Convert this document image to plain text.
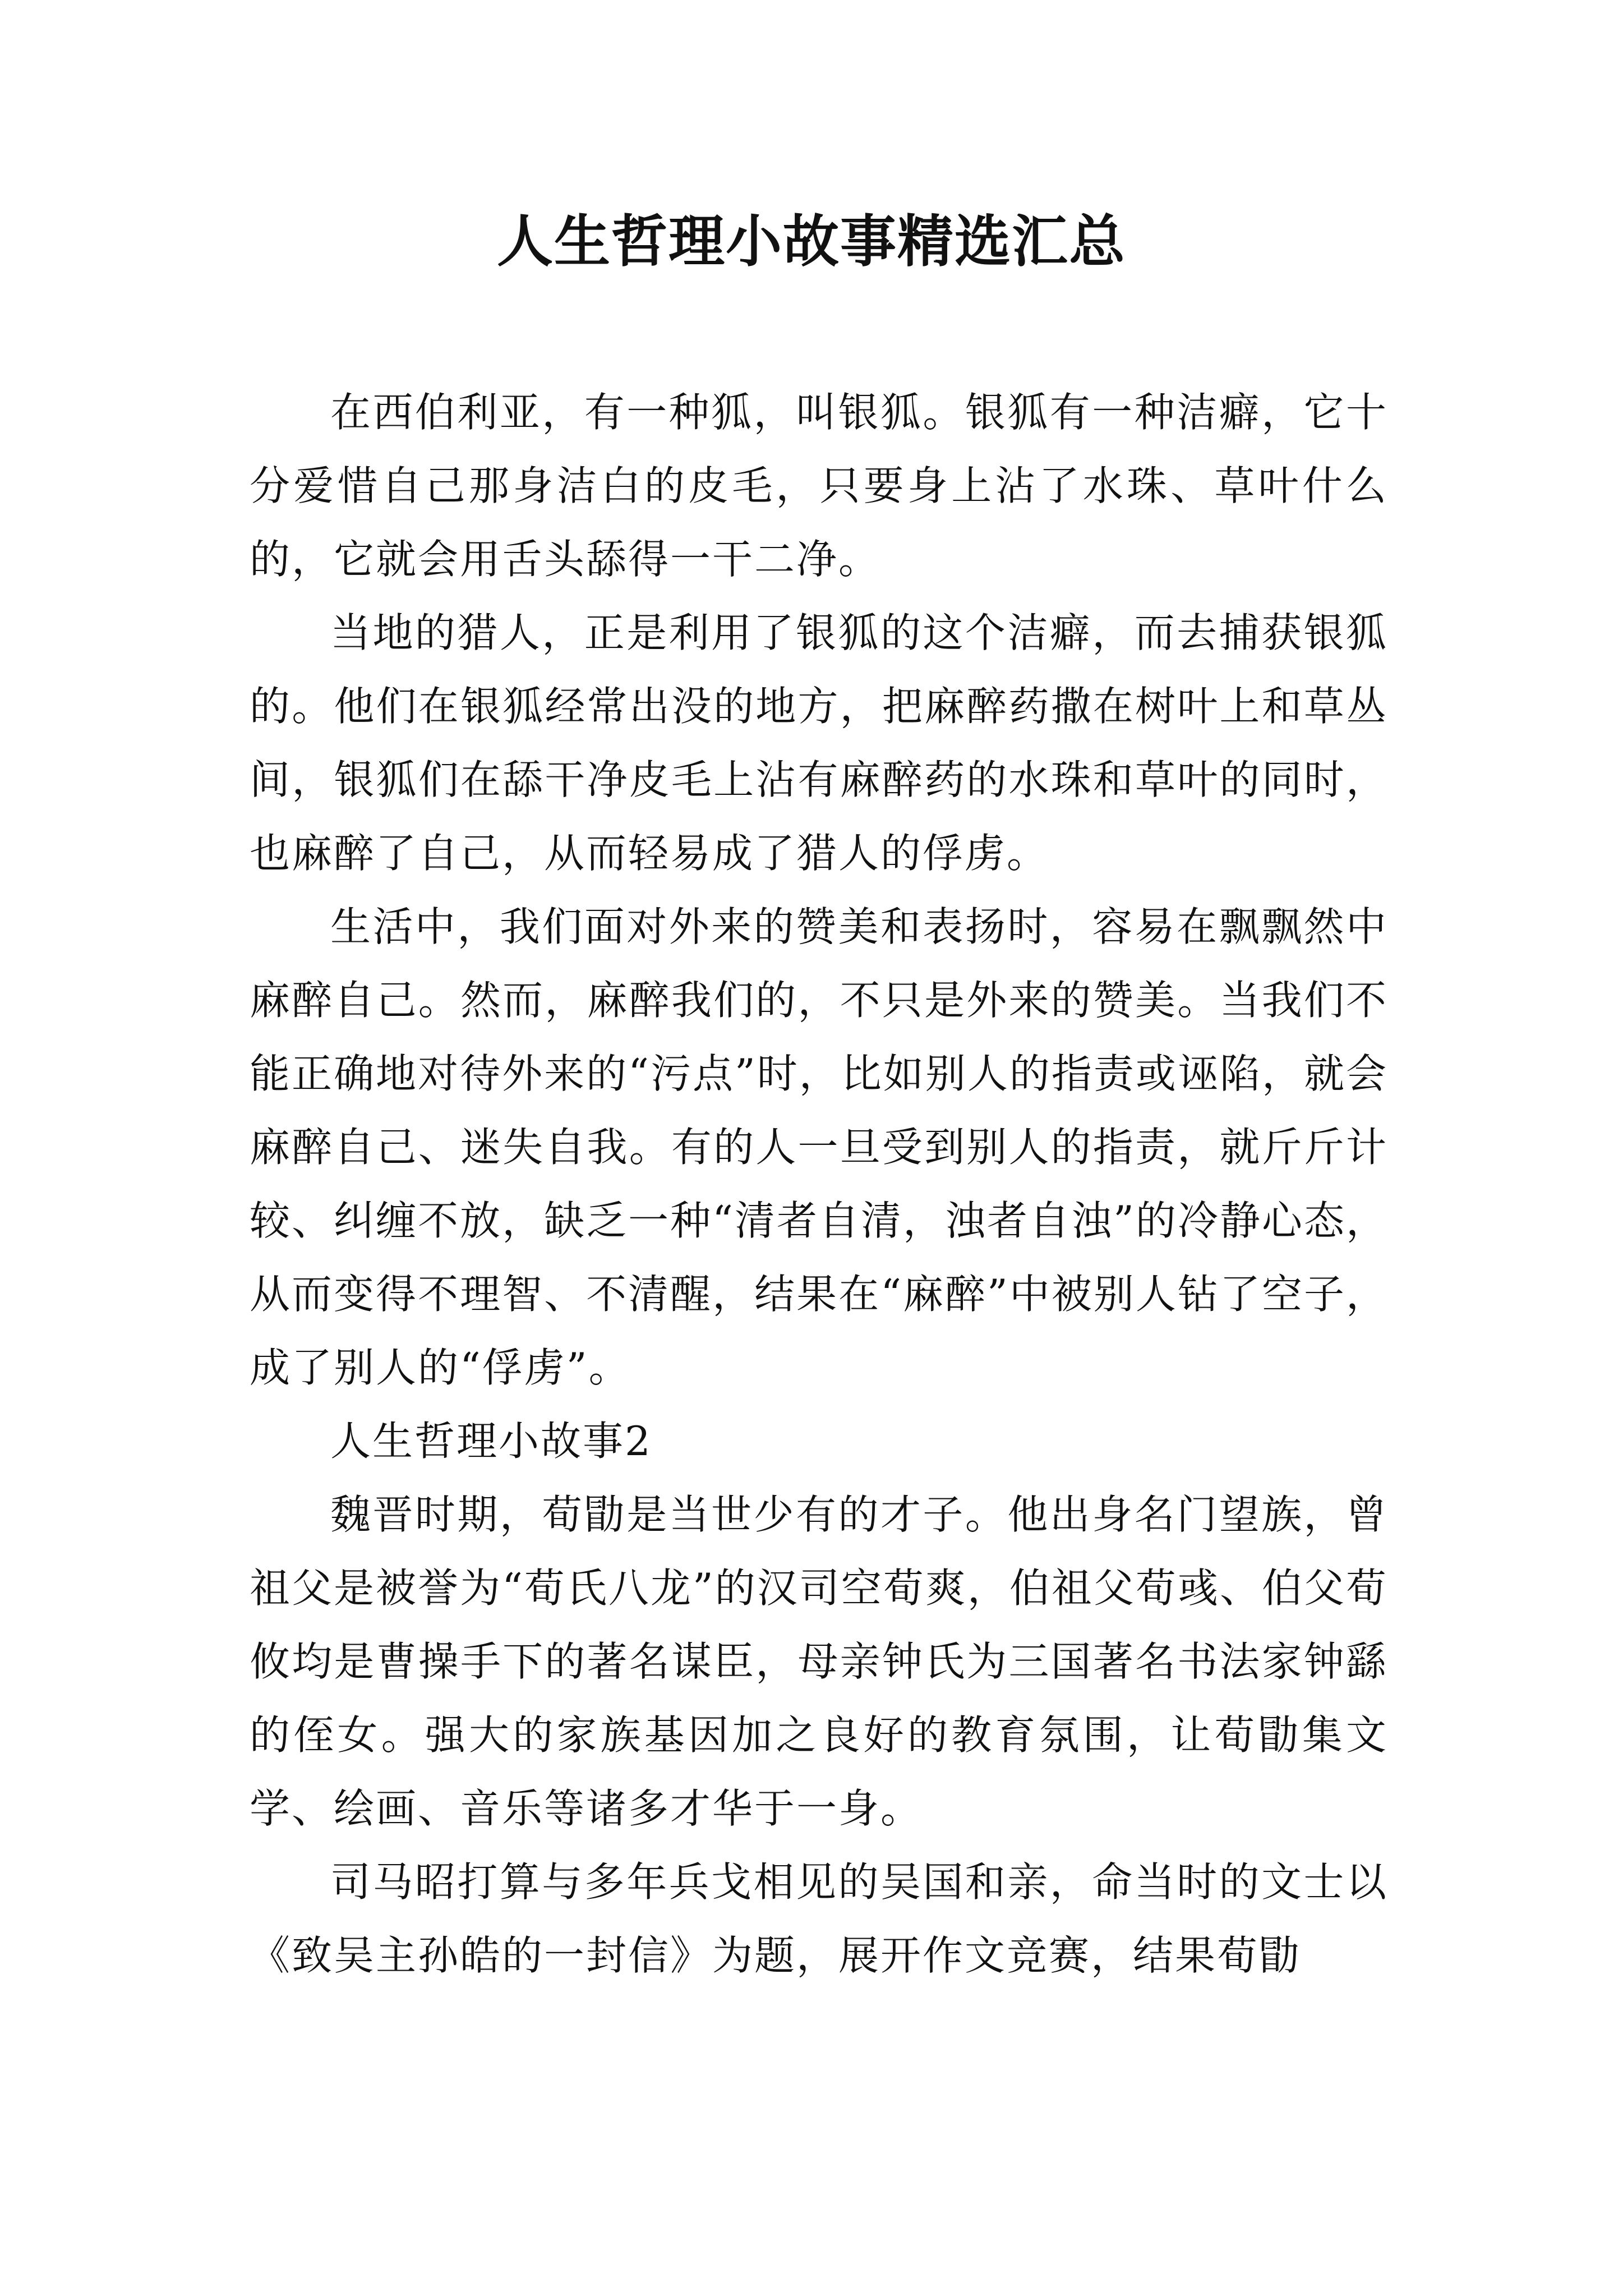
人生哲理小故事精选汇总

在西伯利亚，有一种狐，叫银狐。银狐有一种洁癖，它十分爱惜自己那身洁白的皮毛，只要身上沾了水珠、草叶什么的，它就会用舌头舔得一干二净。

当地的猎人，正是利用了银狐的这个洁癖，而去捕获银狐的。他们在银狐经常出没的地方，把麻醉药撒在树叶上和草丛间，银狐们在舔干净皮毛上沾有麻醉药的水珠和草叶的同时，也麻醉了自己，从而轻易成了猎人的俘虏。

生活中，我们面对外来的赞美和表扬时，容易在飘飘然中麻醉自己。然而，麻醉我们的，不只是外来的赞美。当我们不能正确地对待外来的“污点”时，比如别人的指责或诬陷，就会麻醉自己、迷失自我。有的人一旦受到别人的指责，就斤斤计较、纠缠不放，缺乏一种“清者自清，浊者自浊”的冷静心态，从而变得不理智、不清醒，结果在“麻醉”中被别人钻了空子，成了别人的“俘虏”。

人生哲理小故事2

魏晋时期，荀勖是当世少有的才子。他出身名门望族，曾祖父是被誉为“荀氏八龙”的汉司空荀爽，伯祖父荀彧、伯父荀攸均是曹操手下的著名谋臣，母亲钟氏为三国著名书法家钟繇的侄女。强大的家族基因加之良好的教育氛围，让荀勖集文学、绘画、音乐等诸多才华于一身。

司马昭打算与多年兵戈相见的吴国和亲，命当时的文士以《致吴主孙皓的一封信》为题，展开作文竞赛，结果荀勖
